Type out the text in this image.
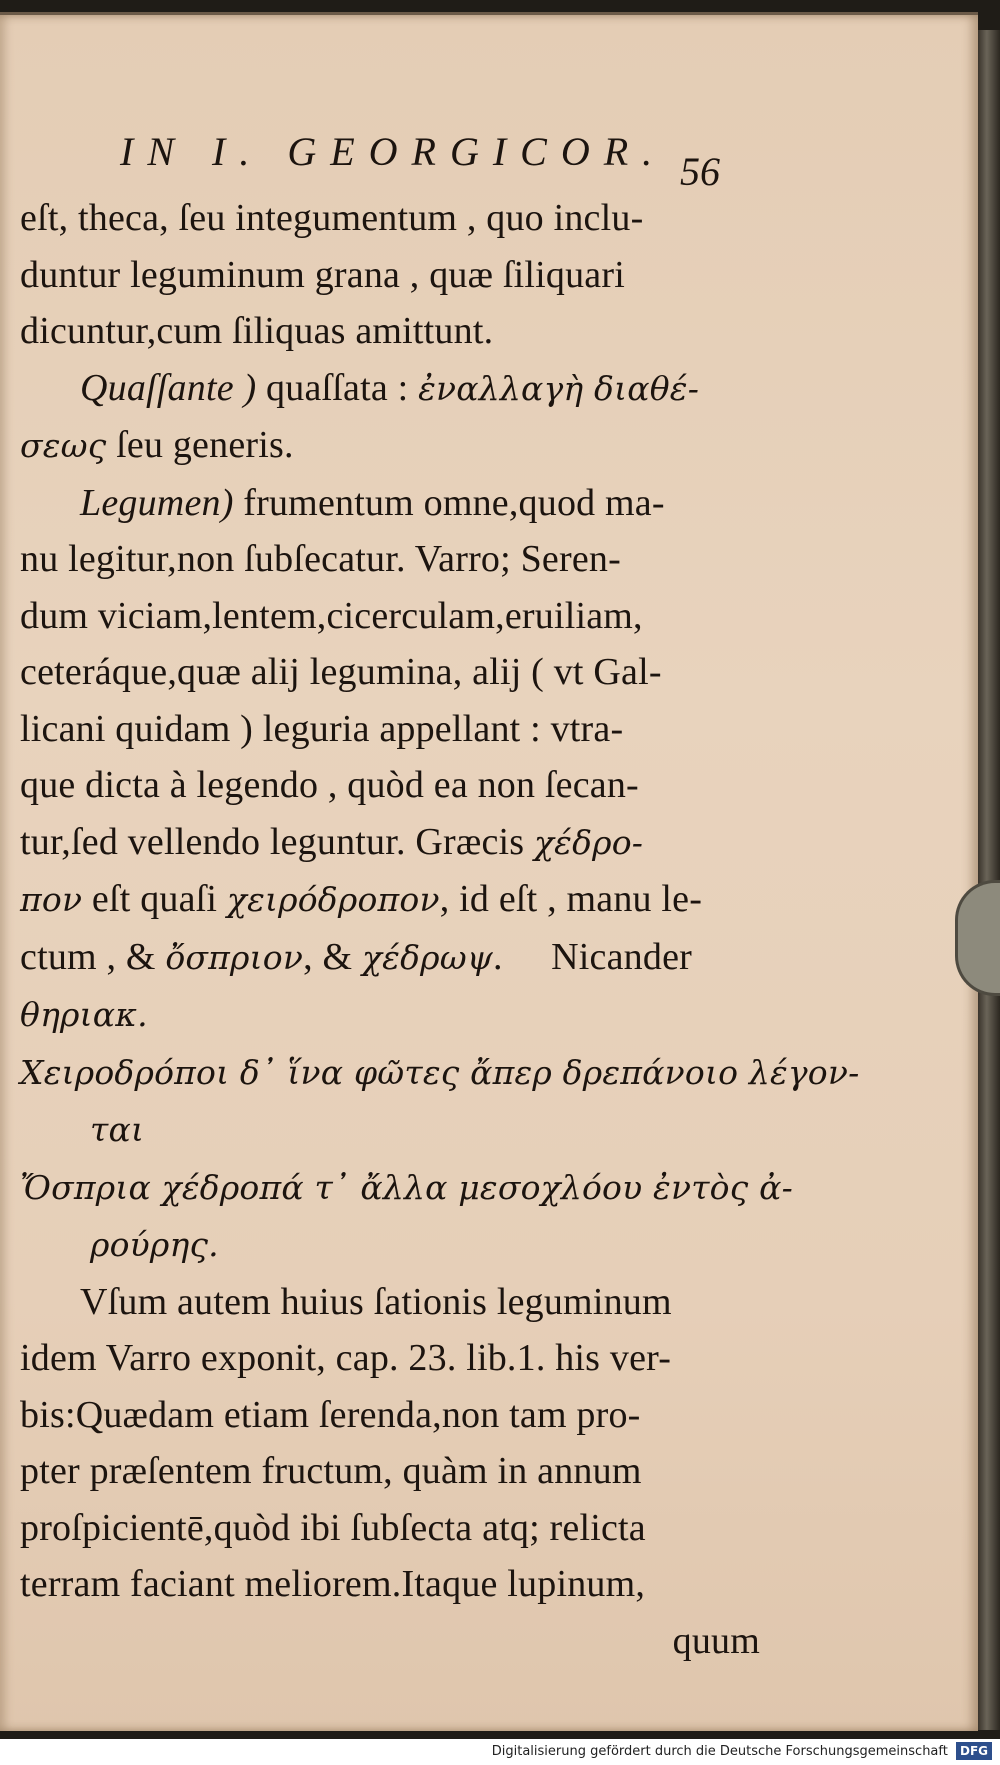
IN I. GEORGICOR. 56
eſt, theca, ſeu integumentum , quo inclu-
duntur leguminum grana , quæ ſiliquari
dicuntur,cum ſiliquas amittunt.
Quaſſante ) quaſſata : ἐναλλαγὴ διαθέ-
σεως ſeu generis.
Legumen) frumentum omne,quod ma-
nu legitur,non ſubſecatur. Varro; Seren-
dum viciam,lentem,cicerculam,eruiliam,
ceteráque,quæ alij legumina, alij ( vt Gal-
licani quidam ) leguria appellant : vtra-
que dicta à legendo , quòd ea non ſecan-
tur,ſed vellendo leguntur. Græcis χέδρο-
πον eſt quaſi χειρόδροπον, id eſt , manu le-
ctum , & ὄσπριον, & χέδρωψ.     Nicander
θηριακ.
Χειροδρόποι δ᾽ ἵνα φῶτες ἄπερ δρεπάνοιο λέγον-
ται
Ὄσπρια χέδροπά τ᾽ ἄλλα μεσοχλόου ἐντὸς ἀ-
ρούρης.
Vſum autem huius ſationis leguminum
idem Varro exponit, cap. 23. lib.1. his ver-
bis:Quædam etiam ſerenda,non tam pro-
pter præſentem fructum, quàm in annum
proſpicientē,quòd ibi ſubſecta atq; relicta
terram faciant meliorem.Itaque lupinum,
quum
Digitalisierung gefördert durch die Deutsche Forschungsgemeinschaft DFG
